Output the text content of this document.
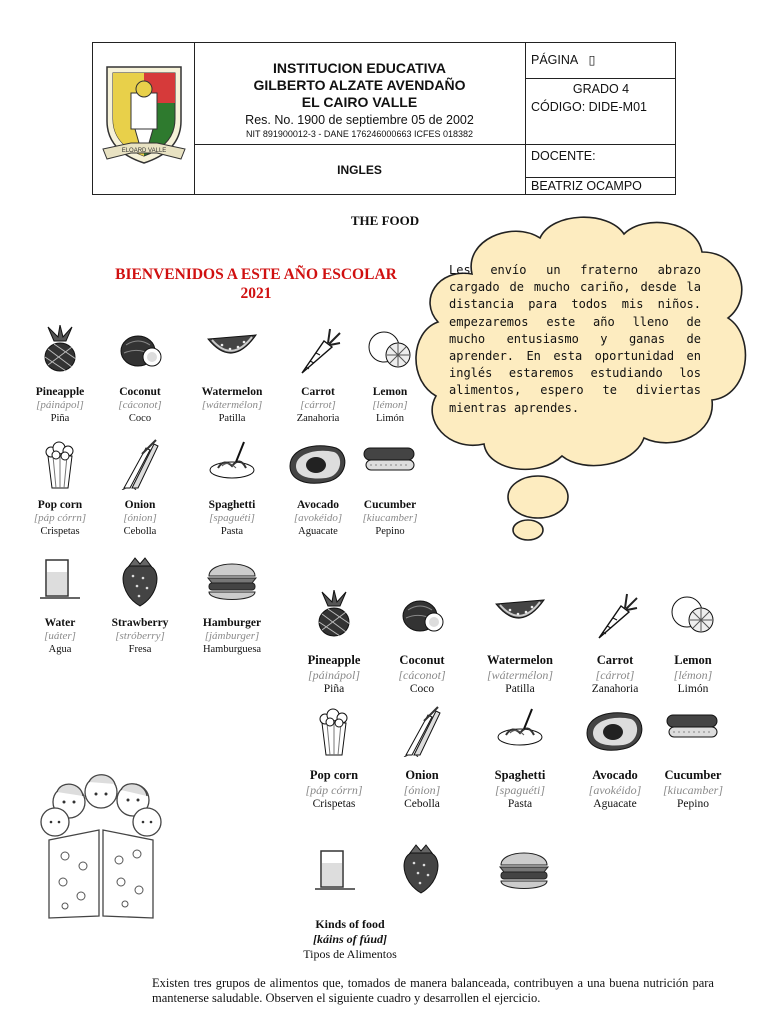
ELOARD VALLE
INSTITUCION EDUCATIVA
GILBERTO ALZATE AVENDAÑO
EL CAIRO VALLE
Res. No. 1900 de septiembre 05 de 2002
NIT 891900012-3 - DANE 176246000663 ICFES 018382
INGLES
PÁGINA ▯
GRADO 4
CÓDIGO: DIDE-M01
DOCENTE:
BEATRIZ OCAMPO
THE FOOD
BIENVENIDOS A ESTE AÑO ESCOLAR
2021
Les envío un fraterno abrazo cargado de mucho cariño, desde la distancia para todos mis niños. empezaremos este año lleno de mucho entusiasmo y ganas de aprender. En esta oportunidad en inglés estaremos estudiando los alimentos, espero te diviertas mientras aprendes.
Pineapple
[páinápol]
Piña
Coconut
[cáconot]
Coco
Watermelon
[wátermélon]
Patilla
Carrot
[cárrot]
Zanahoria
Lemon
[lémon]
Limón
Pop corn
[páp córrn]
Crispetas
Onion
[ónion]
Cebolla
Spaghetti
[spaguéti]
Pasta
Avocado
[avokéido]
Aguacate
Cucumber
[kiucamber]
Pepino
Water
[uáter]
Agua
Strawberry
[stróberry]
Fresa
Hamburger
[jámburger]
Hamburguesa
Pineapple
[páinápol]
Piña
Coconut
[cáconot]
Coco
Watermelon
[wátermélon]
Patilla
Carrot
[cárrot]
Zanahoria
Lemon
[lémon]
Limón
Pop corn
[páp córrn]
Crispetas
Onion
[ónion]
Cebolla
Spaghetti
[spaguéti]
Pasta
Avocado
[avokéido]
Aguacate
Cucumber
[kiucamber]
Pepino
Kinds of food
[káins of fúud]
Tipos de Alimentos
Existen tres grupos de alimentos que, tomados de manera balanceada, contribuyen a una buena nutrición para mantenerse saludable. Observen el siguiente cuadro y desarrollen el ejercicio.
